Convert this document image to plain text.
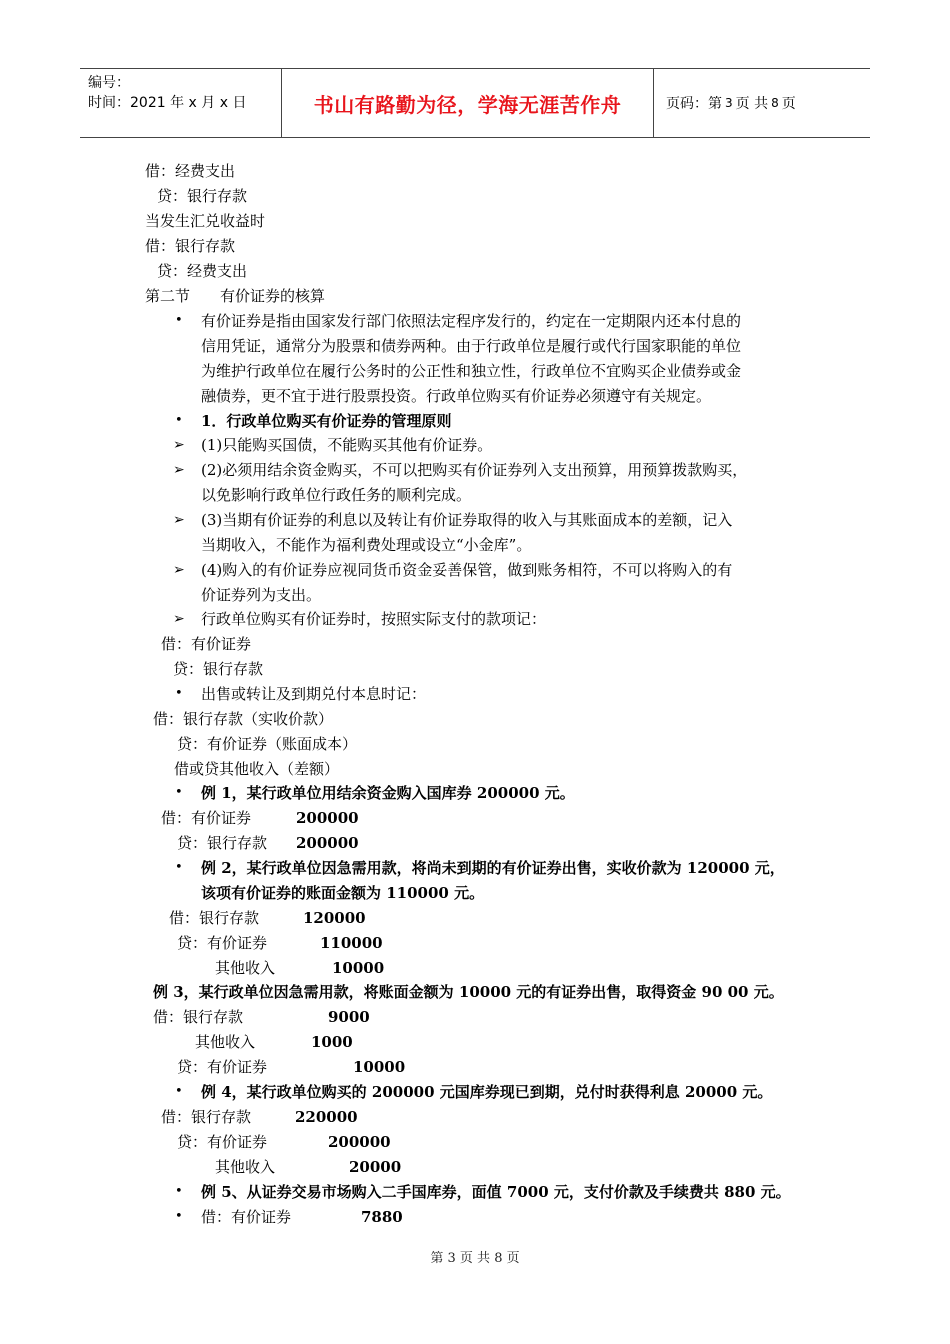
编号：
时间：2021 年 x 月 x 日	书山有路勤为径，学海无涯苦作舟	页码：第 3 页 共 8 页
借：经费支出
贷：银行存款
当发生汇兑收益时
借：银行存款
贷：经费支出
第二节 有价证券的核算
• 有价证券是指由国家发行部门依照法定程序发行的，约定在一定期限内还本付息的
信用凭证，通常分为股票和债券两种。由于行政单位是履行或代行国家职能的单位
为维护行政单位在履行公务时的公正性和独立性，行政单位不宜购买企业债券或金
融债券，更不宜于进行股票投资。行政单位购买有价证券必须遵守有关规定。
• 1．行政单位购买有价证券的管理原则
➢ (1)只能购买国债，不能购买其他有价证券。
➢ (2)必须用结余资金购买，不可以把购买有价证券列入支出预算，用预算拨款购买，
以免影响行政单位行政任务的顺利完成。
➢ (3)当期有价证券的利息以及转让有价证券取得的收入与其账面成本的差额，记入
当期收入，不能作为福利费处理或设立“小金库”。
➢ (4)购入的有价证券应视同货币资金妥善保管，做到账务相符，不可以将购入的有
价证券列为支出。
➢ 行政单位购买有价证券时，按照实际支付的款项记：
借：有价证券
贷：银行存款
• 出售或转让及到期兑付本息时记：
借：银行存款（实收价款）
贷：有价证券（账面成本）
借或贷其他收入（差额）
• 例 1，某行政单位用结余资金购入国库券 200000 元。
借：有价证券	200000
贷：银行存款 200000
• 例 2，某行政单位因急需用款，将尚未到期的有价证券出售，实收价款为 120000 元，
该项有价证券的账面金额为 110000 元。
借：银行存款	120000
贷：有价证券	110000
其他收入	10000
例 3，某行政单位因急需用款，将账面金额为 10000 元的有证券出售，取得资金 90 00 元。
借：银行存款	9000
其他收入	1000
贷：有价证券	10000
• 例 4，某行政单位购买的 200000 元国库券现已到期，兑付时获得利息 20000 元。
借：银行存款	220000
贷：有价证券	200000
其他收入	20000
• 例 5、从证券交易市场购入二手国库券，面值 7000 元，支付价款及手续费共 880 元。
• 借：有价证券	7880
第 3 页 共 8 页
